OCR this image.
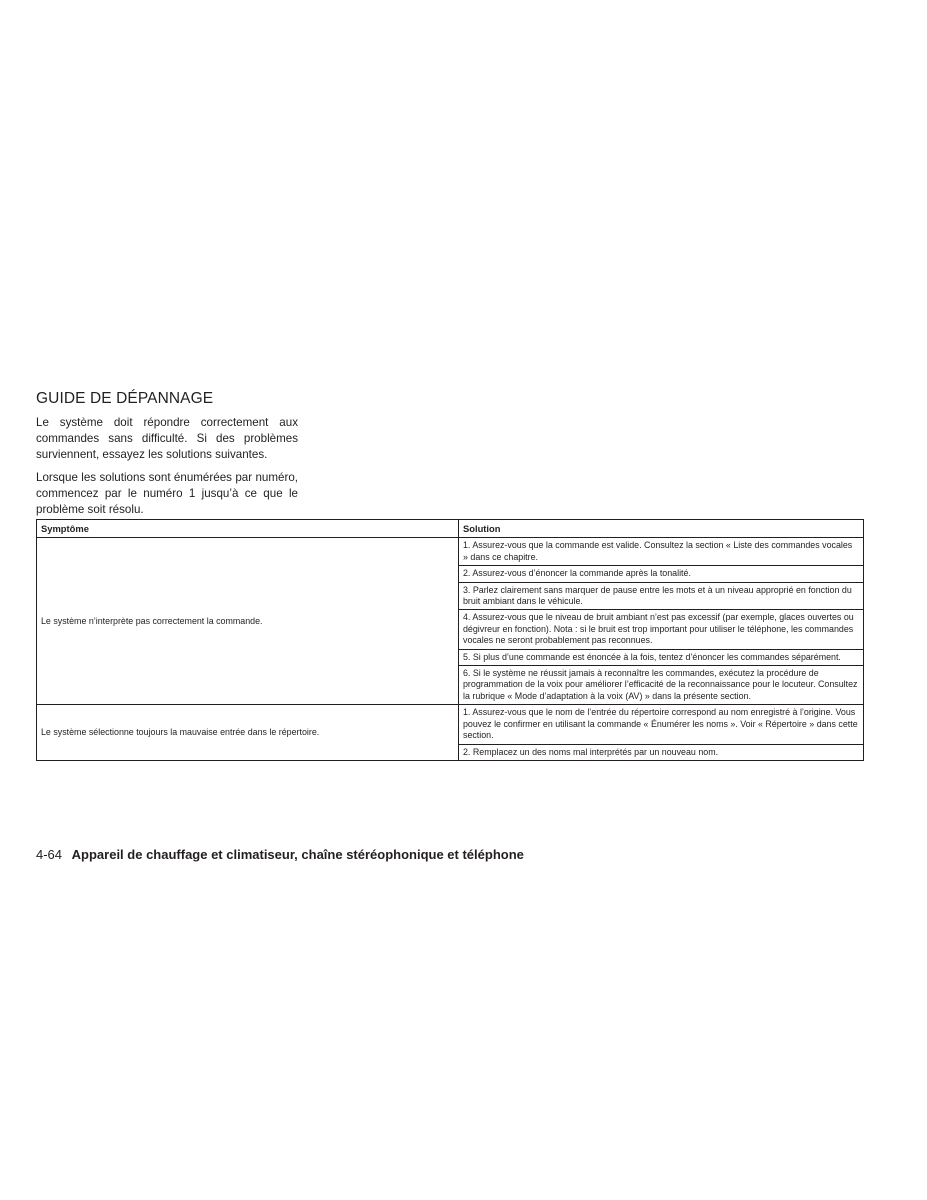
GUIDE DE DÉPANNAGE

Le système doit répondre correctement aux commandes sans difficulté. Si des problèmes surviennent, essayez les solutions suivantes.

Lorsque les solutions sont énumérées par numéro, commencez par le numéro 1 jusqu’à ce que le problème soit résolu.

Symptôme	Solution
Le système n’interprète pas correctement la commande.	1. Assurez-vous que la commande est valide. Consultez la section « Liste des commandes vocales » dans ce chapitre.
	2. Assurez-vous d’énoncer la commande après la tonalité.
	3. Parlez clairement sans marquer de pause entre les mots et à un niveau approprié en fonction du bruit ambiant dans le véhicule.
	4. Assurez-vous que le niveau de bruit ambiant n’est pas excessif (par exemple, glaces ouvertes ou dégivreur en fonction). Nota : si le bruit est trop important pour utiliser le téléphone, les commandes vocales ne seront probablement pas reconnues.
	5. Si plus d’une commande est énoncée à la fois, tentez d’énoncer les commandes séparément.
	6. Si le système ne réussit jamais à reconnaître les commandes, exécutez la procédure de programmation de la voix pour améliorer l’efficacité de la reconnaissance pour le locuteur. Consultez la rubrique « Mode d’adaptation à la voix (AV) » dans la présente section.
Le système sélectionne toujours la mauvaise entrée dans le répertoire.	1. Assurez-vous que le nom de l’entrée du répertoire correspond au nom enregistré à l’origine. Vous pouvez le confirmer en utilisant la commande « Énumérer les noms ». Voir « Répertoire » dans cette section.
	2. Remplacez un des noms mal interprétés par un nouveau nom.
4-64 Appareil de chauffage et climatiseur, chaîne stéréophonique et téléphone
